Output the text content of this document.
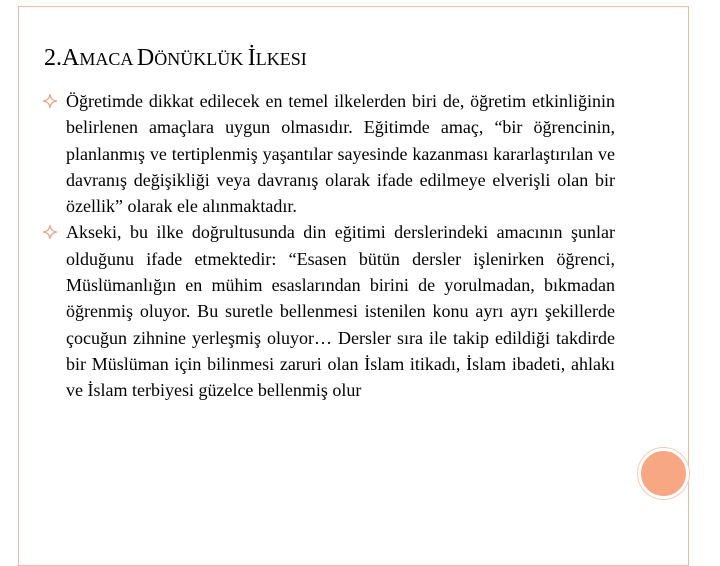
2.AMACA DÖNÜKLÜK İLKESI
Öğretimde dikkat edilecek en temel ilkelerden biri de, öğretim etkinliğinin belirlenen amaçlara uygun olmasıdır. Eğitimde amaç, “bir öğrencinin, planlanmış ve tertiplenmiş yaşantılar sayesinde kazanması kararlaştırılan ve davranış değişikliği veya davranış olarak ifade edilmeye elverişli olan bir özellik” olarak ele alınmaktadır.
Akseki, bu ilke doğrultusunda din eğitimi derslerindeki amacının şunlar olduğunu ifade etmektedir: “Esasen bütün dersler işlenirken öğrenci, Müslümanlığın en mühim esaslarından birini de yorulmadan, bıkmadan öğrenmiş oluyor. Bu suretle bellenmesi istenilen konu ayrı ayrı şekillerde çocuğun zihnine yerleşmiş oluyor… Dersler sıra ile takip edildiği takdirde bir Müslüman için bilinmesi zaruri olan İslam itikadı, İslam ibadeti, ahlakı ve İslam terbiyesi güzelce bellenmiş olur
